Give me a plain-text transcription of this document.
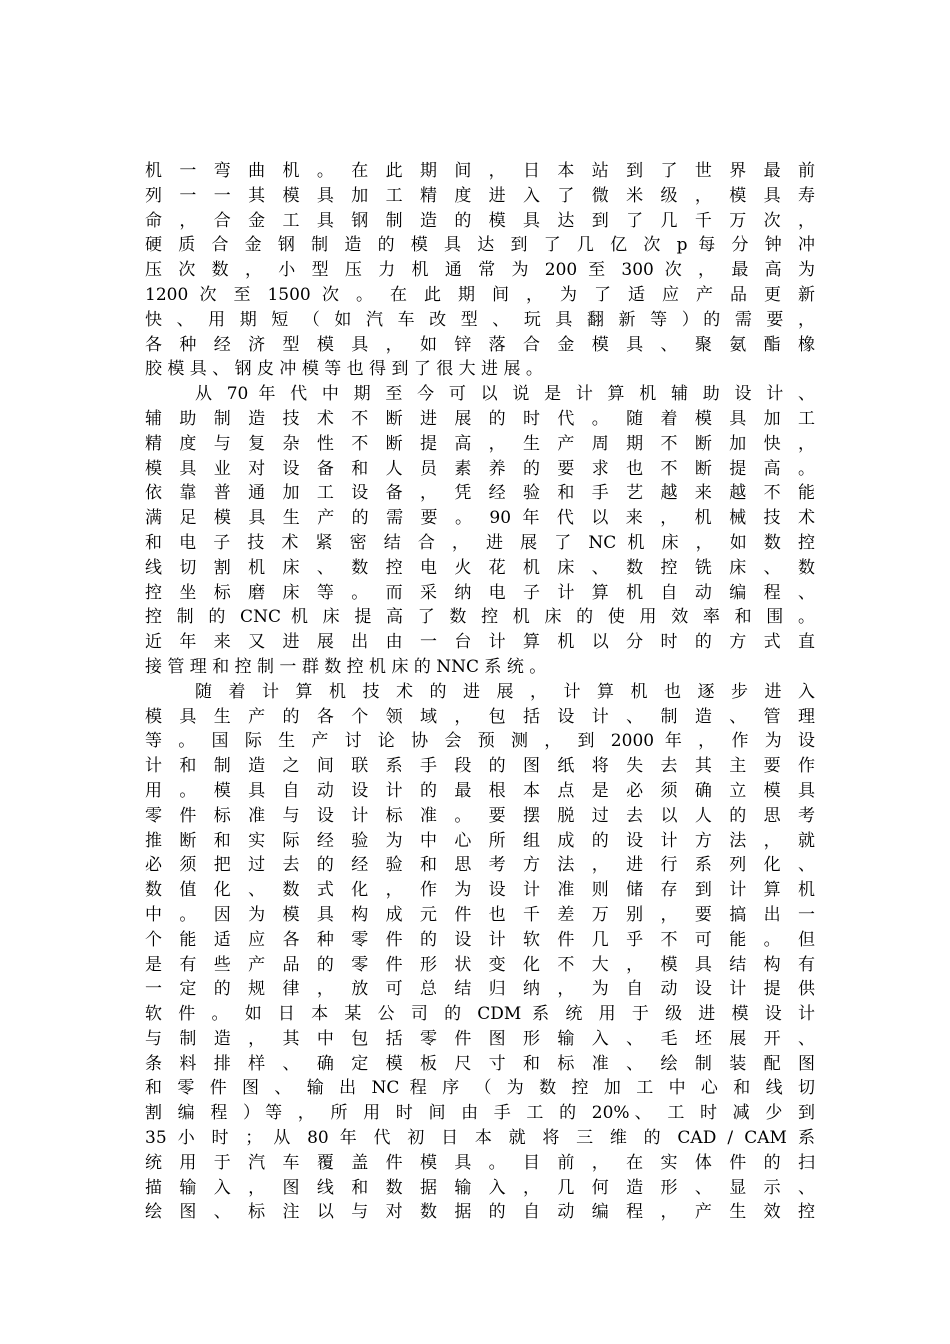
机 一 弯 曲 机 。 在 此 期 间 ， 日 本 站 到 了 世 界 最 前
列 一 一 其 模 具 加 工 精 度 进 入 了 微 米 级 ， 模 具 寿
命 ， 合 金 工 具 钢 制 造 的 模 具 达 到 了 几 千 万 次 ，
硬 质 合 金 钢 制 造 的 模 具 达 到 了 几 亿 次 p 每 分 钟 冲
压 次 数 ， 小 型 压 力 机 通 常 为 200 至 300 次 ， 最 高 为
1200 次 至 1500 次 。 在 此 期 间 ， 为 了 适 应 产 品 更 新
快 、 用 期 短 （ 如 汽 车 改 型 、 玩 具 翻 新 等 ）的 需 要 ，
各 种 经 济 型 模 具 ， 如 锌 落 合 金 模 具 、 聚 氨 酯 橡
胶 模 具 、 钢 皮 冲 模 等 也 得 到 了 很 大 进 展 。
从 70 年 代 中 期 至 今 可 以 说 是 计 算 机 辅 助 设 计 、
辅 助 制 造 技 术 不 断 进 展 的 时 代 。 随 着 模 具 加 工
精 度 与 复 杂 性 不 断 提 高 ， 生 产 周 期 不 断 加 快 ，
模 具 业 对 设 备 和 人 员 素 养 的 要 求 也 不 断 提 高 。
依 靠 普 通 加 工 设 备 ， 凭 经 验 和 手 艺 越 来 越 不 能
满 足 模 具 生 产 的 需 要 。 90 年 代 以 来 ， 机 械 技 术
和 电 子 技 术 紧 密 结 合 ， 进 展 了 NC 机 床 ， 如 数 控
线 切 割 机 床 、 数 控 电 火 花 机 床 、 数 控 铣 床 、 数
控 坐 标 磨 床 等 。 而 采 纳 电 子 计 算 机 自 动 编 程 、
控 制 的 CNC 机 床 提 高 了 数 控 机 床 的 使 用 效 率 和 围 。
近 年 来 又 进 展 出 由 一 台 计 算 机 以 分 时 的 方 式 直
接 管 理 和 控 制 一 群 数 控 机 床 的 NNC 系 统 。
随 着 计 算 机 技 术 的 进 展 ， 计 算 机 也 逐 步 进 入
模 具 生 产 的 各 个 领 域 ， 包 括 设 计 、 制 造 、 管 理
等 。 国 际 生 产 讨 论 协 会 预 测 ， 到 2000 年 ， 作 为 设
计 和 制 造 之 间 联 系 手 段 的 图 纸 将 失 去 其 主 要 作
用 。 模 具 自 动 设 计 的 最 根 本 点 是 必 须 确 立 模 具
零 件 标 准 与 设 计 标 准 。 要 摆 脱 过 去 以 人 的 思 考
推 断 和 实 际 经 验 为 中 心 所 组 成 的 设 计 方 法 ， 就
必 须 把 过 去 的 经 验 和 思 考 方 法 ， 进 行 系 列 化 、
数 值 化 、 数 式 化 ， 作 为 设 计 准 则 储 存 到 计 算 机
中 。 因 为 模 具 构 成 元 件 也 千 差 万 别 ， 要 搞 出 一
个 能 适 应 各 种 零 件 的 设 计 软 件 几 乎 不 可 能 。 但
是 有 些 产 品 的 零 件 形 状 变 化 不 大 ， 模 具 结 构 有
一 定 的 规 律 ， 放 可 总 结 归 纳 ， 为 自 动 设 计 提 供
软 件 。 如 日 本 某 公 司 的 CDM 系 统 用 于 级 进 模 设 计
与 制 造 ， 其 中 包 括 零 件 图 形 输 入 、 毛 坯 展 开 、
条 料 排 样 、 确 定 模 板 尺 寸 和 标 准 、 绘 制 装 配 图
和 零 件 图 、 输 出 NC 程 序 （ 为 数 控 加 工 中 心 和 线 切
割 编 程 ）等 ， 所 用 时 间 由 手 工 的 20%、 工 时 减 少 到
35 小 时 ； 从 80 年 代 初 日 本 就 将 三 维 的 CAD / CAM 系
统 用 于 汽 车 覆 盖 件 模 具 。 目 前 ， 在 实 体 件 的 扫
描 输 入 ， 图 线 和 数 据 输 入 ， 几 何 造 形 、 显 示 、
绘 图 、 标 注 以 与 对 数 据 的 自 动 编 程 ， 产 生 效 控
